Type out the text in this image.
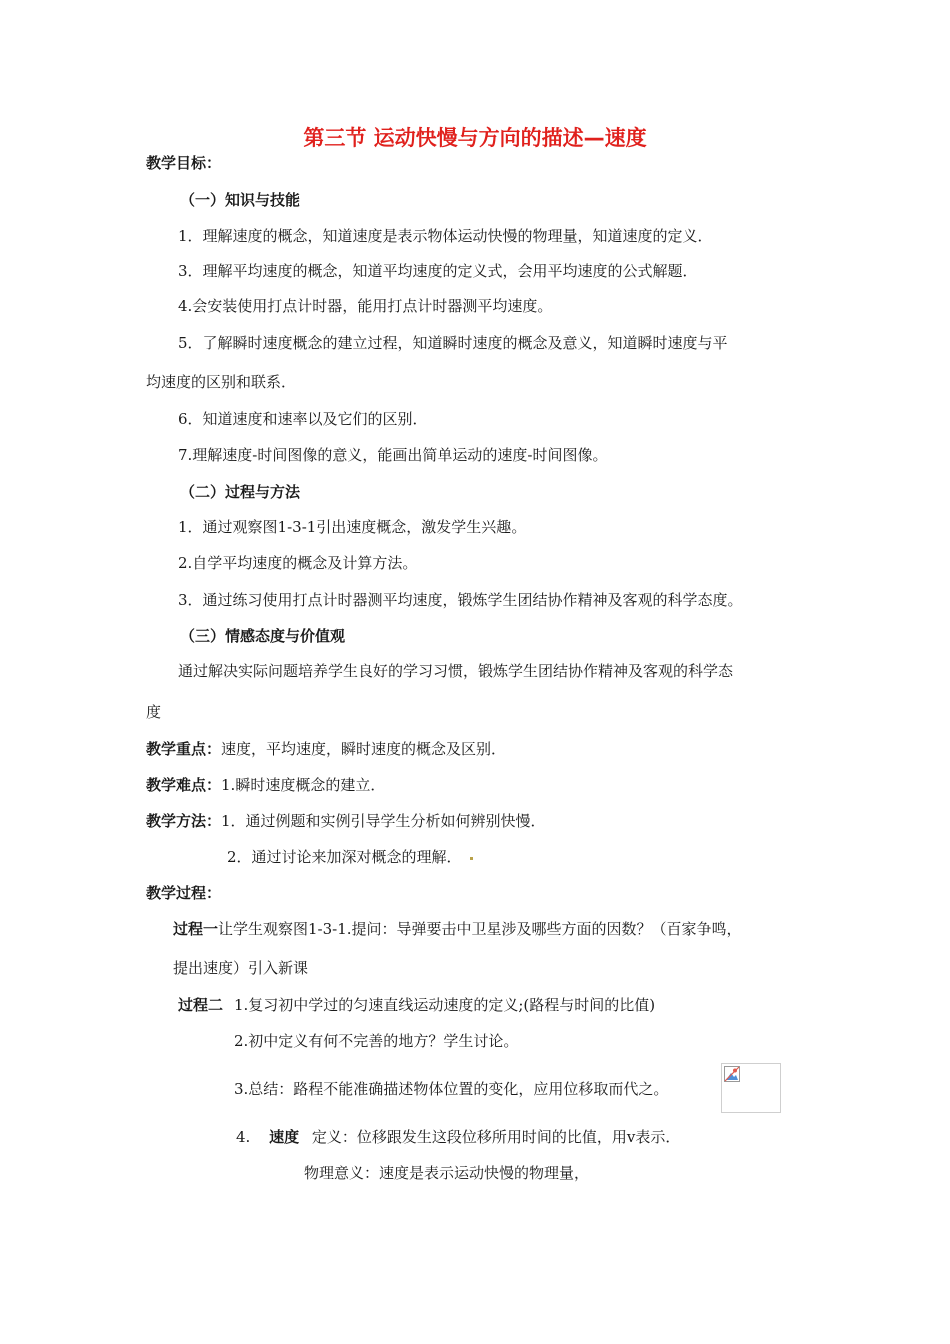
第三节 运动快慢与方向的描述—速度
教学目标：
（一）知识与技能
1．理解速度的概念，知道速度是表示物体运动快慢的物理量，知道速度的定义．
3．理解平均速度的概念，知道平均速度的定义式，会用平均速度的公式解题．
4.会安装使用打点计时器，能用打点计时器测平均速度。
5．了解瞬时速度概念的建立过程，知道瞬时速度的概念及意义，知道瞬时速度与平
均速度的区别和联系．
6．知道速度和速率以及它们的区别．
7.理解速度-时间图像的意义，能画出简单运动的速度-时间图像。
（二）过程与方法
1．通过观察图1-3-1引出速度概念，激发学生兴趣。
2.自学平均速度的概念及计算方法。
3．通过练习使用打点计时器测平均速度，锻炼学生团结协作精神及客观的科学态度。
（三）情感态度与价值观
通过解决实际问题培养学生良好的学习习惯，锻炼学生团结协作精神及客观的科学态
度
教学重点：速度，平均速度，瞬时速度的概念及区别．
教学难点：1.瞬时速度概念的建立．
教学方法：1．通过例题和实例引导学生分析如何辨别快慢．
2．通过讨论来加深对概念的理解．
教学过程：
过程一让学生观察图1-3-1.提问：导弹要击中卫星涉及哪些方面的因数？（百家争鸣，
提出速度）引入新课
过程二 1.复习初中学过的匀速直线运动速度的定义;(路程与时间的比值)
2.初中定义有何不完善的地方？学生讨论。
3.总结：路程不能准确描述物体位置的变化，应用位移取而代之。
4. 速度 定义：位移跟发生这段位移所用时间的比值，用v表示．
物理意义：速度是表示运动快慢的物理量，
